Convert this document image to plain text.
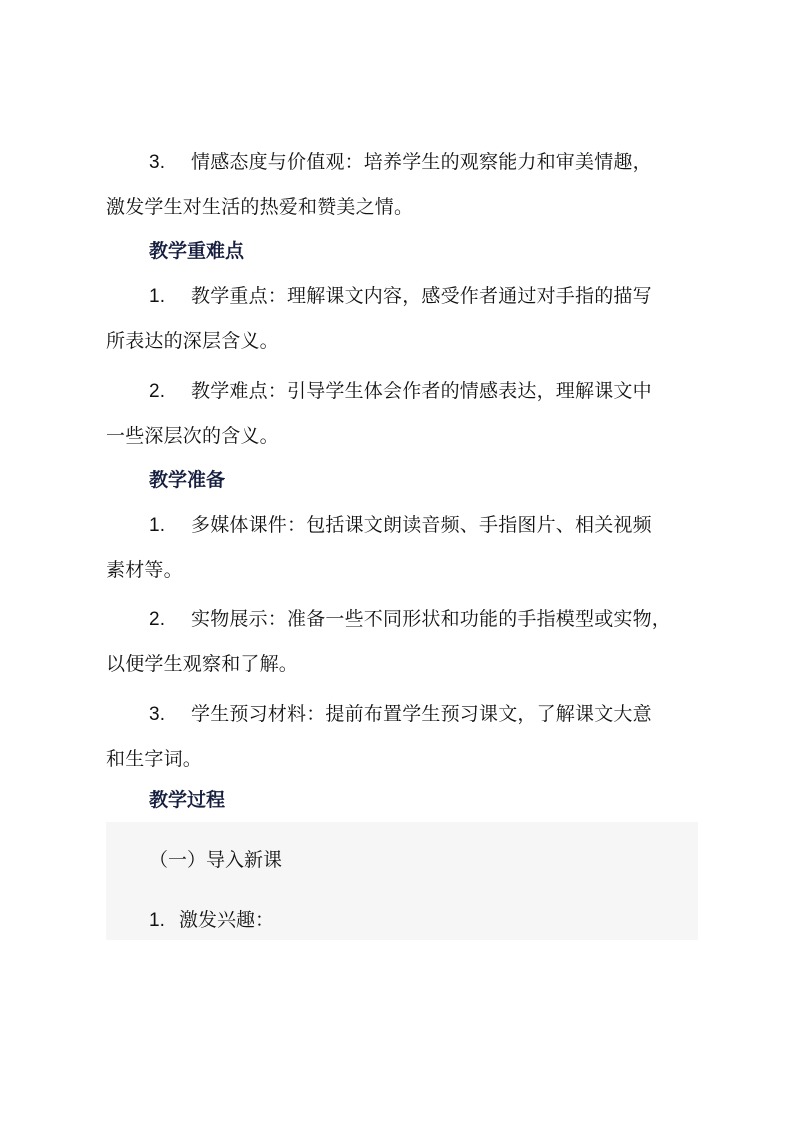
3. 情感态度与价值观：培养学生的观察能力和审美情趣，
激发学生对生活的热爱和赞美之情。
教学重难点
1. 教学重点：理解课文内容，感受作者通过对手指的描写
所表达的深层含义。
2. 教学难点：引导学生体会作者的情感表达，理解课文中
一些深层次的含义。
教学准备
1. 多媒体课件：包括课文朗读音频、手指图片、相关视频
素材等。
2. 实物展示：准备一些不同形状和功能的手指模型或实物，
以便学生观察和了解。
3. 学生预习材料：提前布置学生预习课文，了解课文大意
和生字词。
教学过程
（一）导入新课
1. 激发兴趣：
